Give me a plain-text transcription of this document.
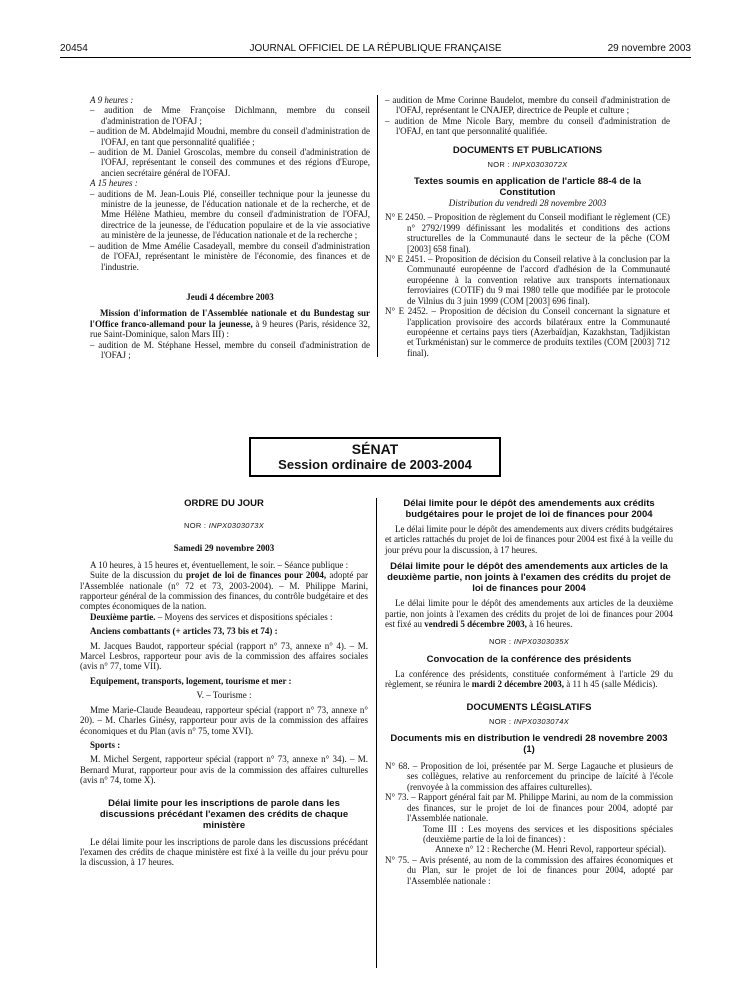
20454	JOURNAL OFFICIEL DE LA RÉPUBLIQUE FRANÇAISE	29 novembre 2003

A 9 heures :

– audition de Mme Françoise Dichlmann, membre du conseil d'administration de l'OFAJ ;

– audition de M. Abdelmajid Moudni, membre du conseil d'administration de l'OFAJ, en tant que personnalité qualifiée ;

– audition de M. Daniel Groscolas, membre du conseil d'administration de l'OFAJ, représentant le conseil des communes et des régions d'Europe, ancien secrétaire général de l'OFAJ.

A 15 heures :

– auditions de M. Jean-Louis Plé, conseiller technique pour la jeunesse du ministre de la jeunesse, de l'éducation nationale et de la recherche, et de Mme Hélène Mathieu, membre du conseil d'administration de l'OFAJ, directrice de la jeunesse, de l'éducation populaire et de la vie associative au ministère de la jeunesse, de l'éducation nationale et de la recherche ;

– audition de Mme Amélie Casadeyall, membre du conseil d'administration de l'OFAJ, représentant le ministère de l'économie, des finances et de l'industrie.

Jeudi 4 décembre 2003

Mission d'information de l'Assemblée nationale et du Bundestag sur l'Office franco-allemand pour la jeunesse, à 9 heures (Paris, résidence 32, rue Saint-Dominique, salon Mars III) :

– audition de M. Stéphane Hessel, membre du conseil d'administration de l'OFAJ ;

– audition de Mme Corinne Baudelot, membre du conseil d'administration de l'OFAJ, représentant le CNAJEP, directrice de Peuple et culture ;

– audition de Mme Nicole Bary, membre du conseil d'administration de l'OFAJ, en tant que personnalité qualifiée.

DOCUMENTS ET PUBLICATIONS

NOR : INPX0303072X

Textes soumis en application de l'article 88-4 de la Constitution

Distribution du vendredi 28 novembre 2003

N° E 2450. – Proposition de règlement du Conseil modifiant le règlement (CE) n° 2792/1999 définissant les modalités et conditions des actions structurelles de la Communauté dans le secteur de la pêche (COM [2003] 658 final).

N° E 2451. – Proposition de décision du Conseil relative à la conclusion par la Communauté européenne de l'accord d'adhésion de la Communauté européenne à la convention relative aux transports internationaux ferroviaires (COTIF) du 9 mai 1980 telle que modifiée par le protocole de Vilnius du 3 juin 1999 (COM [2003] 696 final).

N° E 2452. – Proposition de décision du Conseil concernant la signature et l'application provisoire des accords bilatéraux entre la Communauté européenne et certains pays tiers (Azerbaïdjan, Kazakhstan, Tadjikistan et Turkménistan) sur le commerce de produits textiles (COM [2003] 712 final).

SÉNAT
Session ordinaire de 2003-2004

ORDRE DU JOUR

NOR : INPX0303073X

Samedi 29 novembre 2003

A 10 heures, à 15 heures et, éventuellement, le soir. – Séance publique :

Suite de la discussion du projet de loi de finances pour 2004, adopté par l'Assemblée nationale (n° 72 et 73, 2003-2004). – M. Philippe Marini, rapporteur général de la commission des finances, du contrôle budgétaire et des comptes économiques de la nation.

Deuxième partie. – Moyens des services et dispositions spéciales :

Anciens combattants (+ articles 73, 73 bis et 74) :

M. Jacques Baudot, rapporteur spécial (rapport n° 73, annexe n° 4). – M. Marcel Lesbros, rapporteur pour avis de la commission des affaires sociales (avis n° 77, tome VII).

Equipement, transports, logement, tourisme et mer :

V. – Tourisme :

Mme Marie-Claude Beaudeau, rapporteur spécial (rapport n° 73, annexe n° 20). – M. Charles Ginésy, rapporteur pour avis de la commission des affaires économiques et du Plan (avis n° 75, tome XVI).

Sports :

M. Michel Sergent, rapporteur spécial (rapport n° 73, annexe n° 34). – M. Bernard Murat, rapporteur pour avis de la commission des affaires culturelles (avis n° 74, tome X).

Délai limite pour les inscriptions de parole dans les discussions précédant l'examen des crédits de chaque ministère

Le délai limite pour les inscriptions de parole dans les discussions précédant l'examen des crédits de chaque ministère est fixé à la veille du jour prévu pour la discussion, à 17 heures.

Délai limite pour le dépôt des amendements aux crédits budgétaires pour le projet de loi de finances pour 2004

Le délai limite pour le dépôt des amendements aux divers crédits budgétaires et articles rattachés du projet de loi de finances pour 2004 est fixé à la veille du jour prévu pour la discussion, à 17 heures.

Délai limite pour le dépôt des amendements aux articles de la deuxième partie, non joints à l'examen des crédits du projet de loi de finances pour 2004

Le délai limite pour le dépôt des amendements aux articles de la deuxième partie, non joints à l'examen des crédits du projet de loi de finances pour 2004 est fixé au vendredi 5 décembre 2003, à 16 heures.

NOR : INPX0303035X

Convocation de la conférence des présidents

La conférence des présidents, constituée conformément à l'article 29 du règlement, se réunira le mardi 2 décembre 2003, à 11 h 45 (salle Médicis).

DOCUMENTS LÉGISLATIFS

NOR : INPX0303074X

Documents mis en distribution le vendredi 28 novembre 2003 (1)

N° 68. – Proposition de loi, présentée par M. Serge Lagauche et plusieurs de ses collègues, relative au renforcement du principe de laïcité à l'école (renvoyée à la commission des affaires culturelles).

N° 73. – Rapport général fait par M. Philippe Marini, au nom de la commission des finances, sur le projet de loi de finances pour 2004, adopté par l'Assemblée nationale.

Tome III : Les moyens des services et les dispositions spéciales (deuxième partie de la loi de finances) :

Annexe n° 12 : Recherche (M. Henri Revol, rapporteur spécial).

N° 75. – Avis présenté, au nom de la commission des affaires économiques et du Plan, sur le projet de loi de finances pour 2004, adopté par l'Assemblée nationale :
